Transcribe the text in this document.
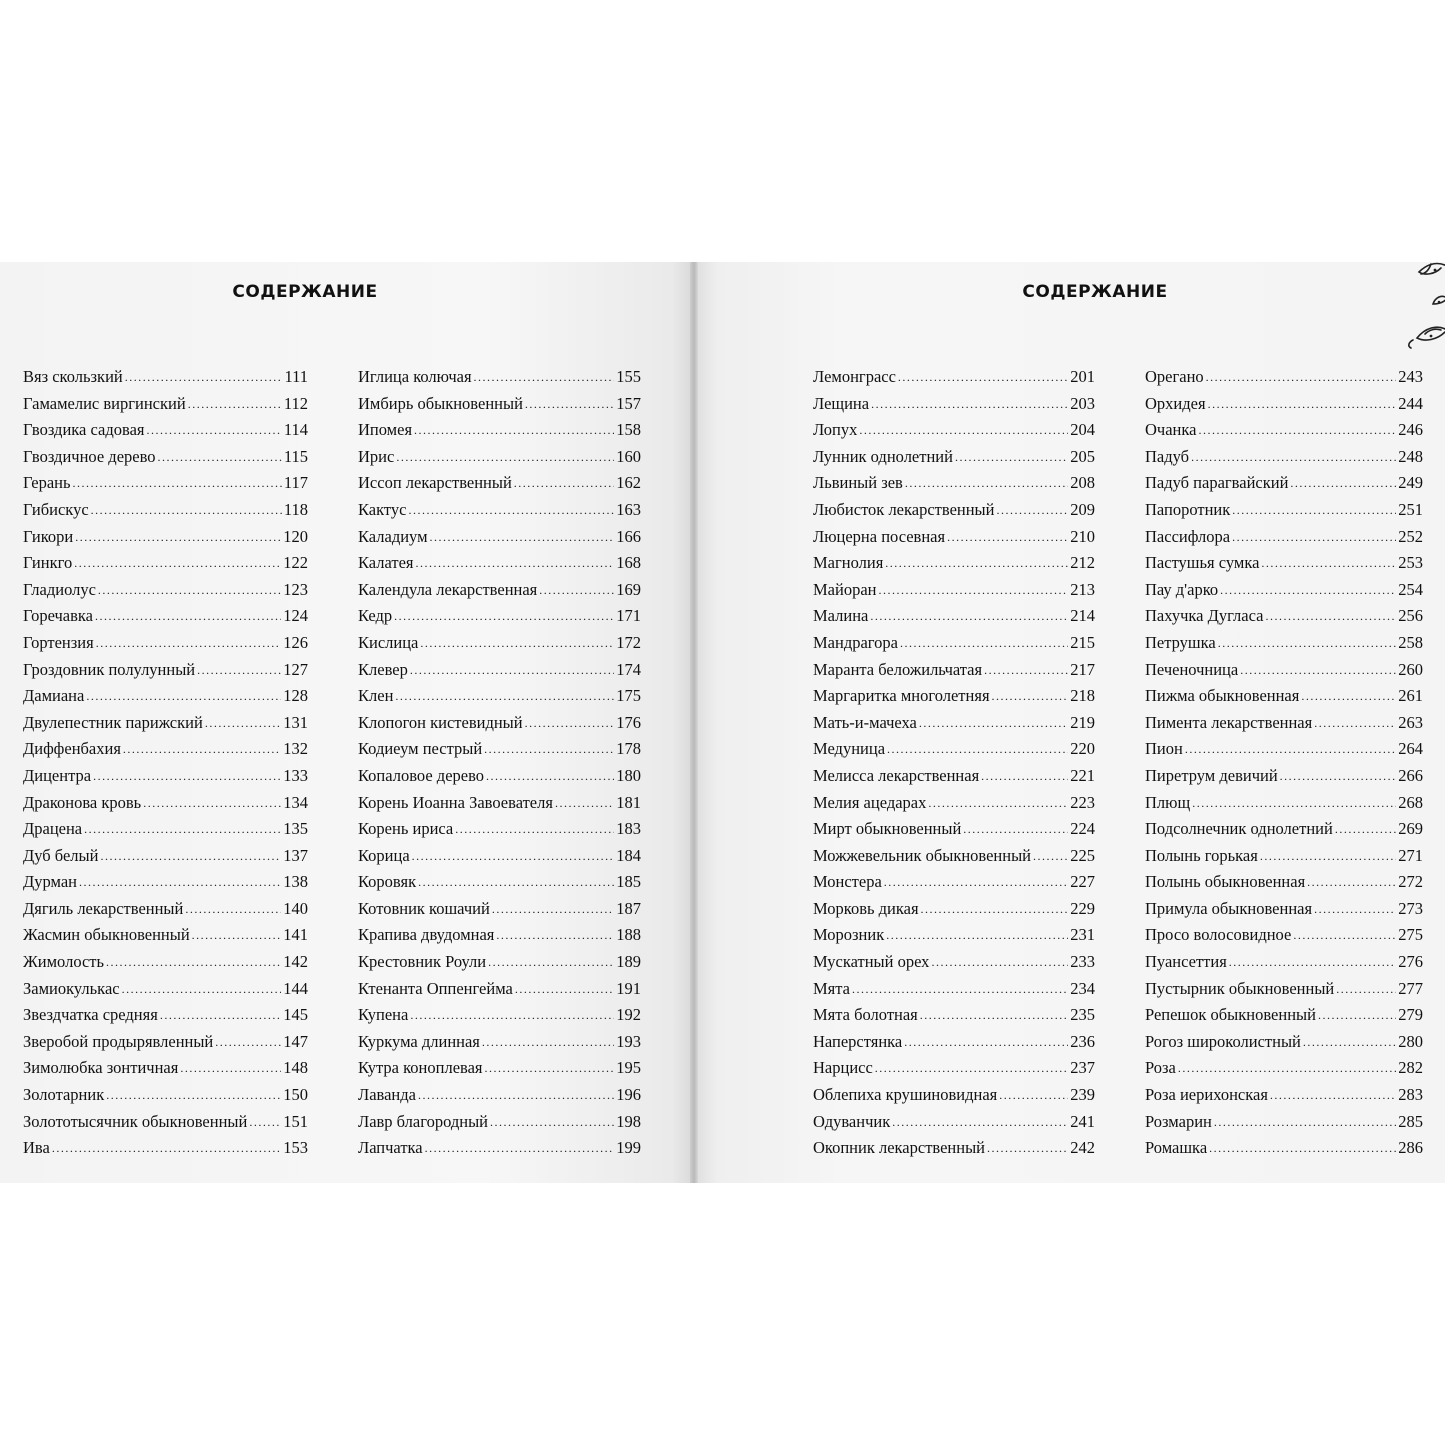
СОДЕРЖАНИЕ	СОДЕРЖАНИЕ
Вяз скользкий .....	111
Гамамелис виргинский .....	112
Гвоздика садовая .....	114
Гвоздичное дерево .....	115
Герань .....	117
Гибискус .....	118
Гикори .....	120
Гинкго .....	122
Гладиолус .....	123
Горечавка .....	124
Гортензия .....	126
Гроздовник полулунный .....	127
Дамиана .....	128
Двулепестник парижский .....	131
Диффенбахия .....	132
Дицентра .....	133
Драконова кровь .....	134
Драцена .....	135
Дуб белый .....	137
Дурман .....	138
Дягиль лекарственный .....	140
Жасмин обыкновенный .....	141
Жимолость .....	142
Замиокулькас .....	144
Звездчатка средняя .....	145
Зверобой продырявленный .....	147
Зимолюбка зонтичная .....	148
Золотарник .....	150
Золототысячник обыкновенный ..... 151
Ива .....	153
Иглица колючая .....	155
Имбирь обыкновенный .....	157
Ипомея .....	158
Ирис .....	160
Иссоп лекарственный .....	162
Кактус .....	163
Каладиум .....	166
Калатея .....	168
Календула лекарственная .....	169
Кедр .....	171
Кислица .....	172
Клевер .....	174
Клен .....	175
Клопогон кистевидный .....	176
Кодиеум пестрый .....	178
Копаловое дерево .....	180
Корень Иоанна Завоевателя .....	181
Корень ириса .....	183
Корица .....	184
Коровяк .....	185
Котовник кошачий .....	187
Крапива двудомная .....	188
Крестовник Роули .....	189
Ктенанта Оппенгейма .....	191
Купена .....	192
Куркума длинная .....	193
Кутра коноплевая .....	195
Лаванда .....	196
Лавр благородный .....	198
Лапчатка .....	199
Лемонграсс .....	201
Лещина .....	203
Лопух .....	204
Лунник однолетний .....	205
Львиный зев .....	208
Любисток лекарственный .....	209
Люцерна посевная .....	210
Магнолия .....	212
Майоран .....	213
Малина .....	214
Мандрагора .....	215
Маранта беложильчатая .....	217
Маргаритка многолетняя .....	218
Мать-и-мачеха .....	219
Медуница .....	220
Мелисса лекарственная .....	221
Мелия ацедарах .....	223
Мирт обыкновенный .....	224
Можжевельник обыкновенный ..... 225
Монстера .....	227
Морковь дикая .....	229
Морозник .....	231
Мускатный орех .....	233
Мята .....	234
Мята болотная .....	235
Наперстянка .....	236
Нарцисс .....	237
Облепиха крушиновидная .....	239
Одуванчик .....	241
Окопник лекарственный .....	242
Орегано .....	243
Орхидея .....	244
Очанка .....	246
Падуб .....	248
Падуб парагвайский .....	249
Папоротник .....	251
Пассифлора .....	252
Пастушья сумка .....	253
Пау д'арко .....	254
Пахучка Дугласа .....	256
Петрушка .....	258
Печеночница .....	260
Пижма обыкновенная .....	261
Пимента лекарственная .....	263
Пион .....	264
Пиретрум девичий .....	266
Плющ .....	268
Подсолнечник однолетний .....	269
Полынь горькая .....	271
Полынь обыкновенная .....	272
Примула обыкновенная .....	273
Просо волосовидное .....	275
Пуансеттия .....	276
Пустырник обыкновенный .....	277
Репешок обыкновенный .....	279
Рогоз широколистный .....	280
Роза .....	282
Роза иерихонская .....	283
Розмарин .....	285
Ромашка .....	286
